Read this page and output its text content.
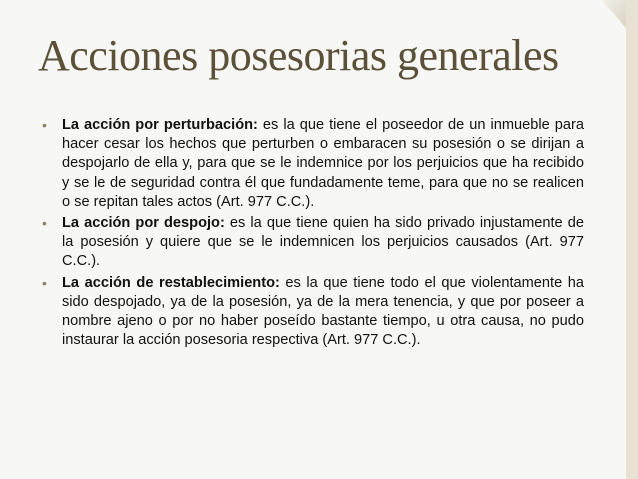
Acciones posesorias generales
• La acción por perturbación: es la que tiene el poseedor de un inmueble para hacer cesar los hechos que perturben o embaracen su posesión o se dirijan a despojarlo de ella y, para que se le indemnice por los perjuicios que ha recibido y se le de seguridad contra él que fundadamente teme, para que no se realicen o se repitan tales actos (Art. 977 C.C.).
• La acción por despojo: es la que tiene quien ha sido privado injustamente de la posesión y quiere que se le indemnicen los perjuicios causados (Art. 977 C.C.).
• La acción de restablecimiento: es la que tiene todo el que violentamente ha sido despojado, ya de la posesión, ya de la mera tenencia, y que por poseer a nombre ajeno o por no haber poseído bastante tiempo, u otra causa, no pudo instaurar la acción posesoria respectiva (Art. 977 C.C.).
